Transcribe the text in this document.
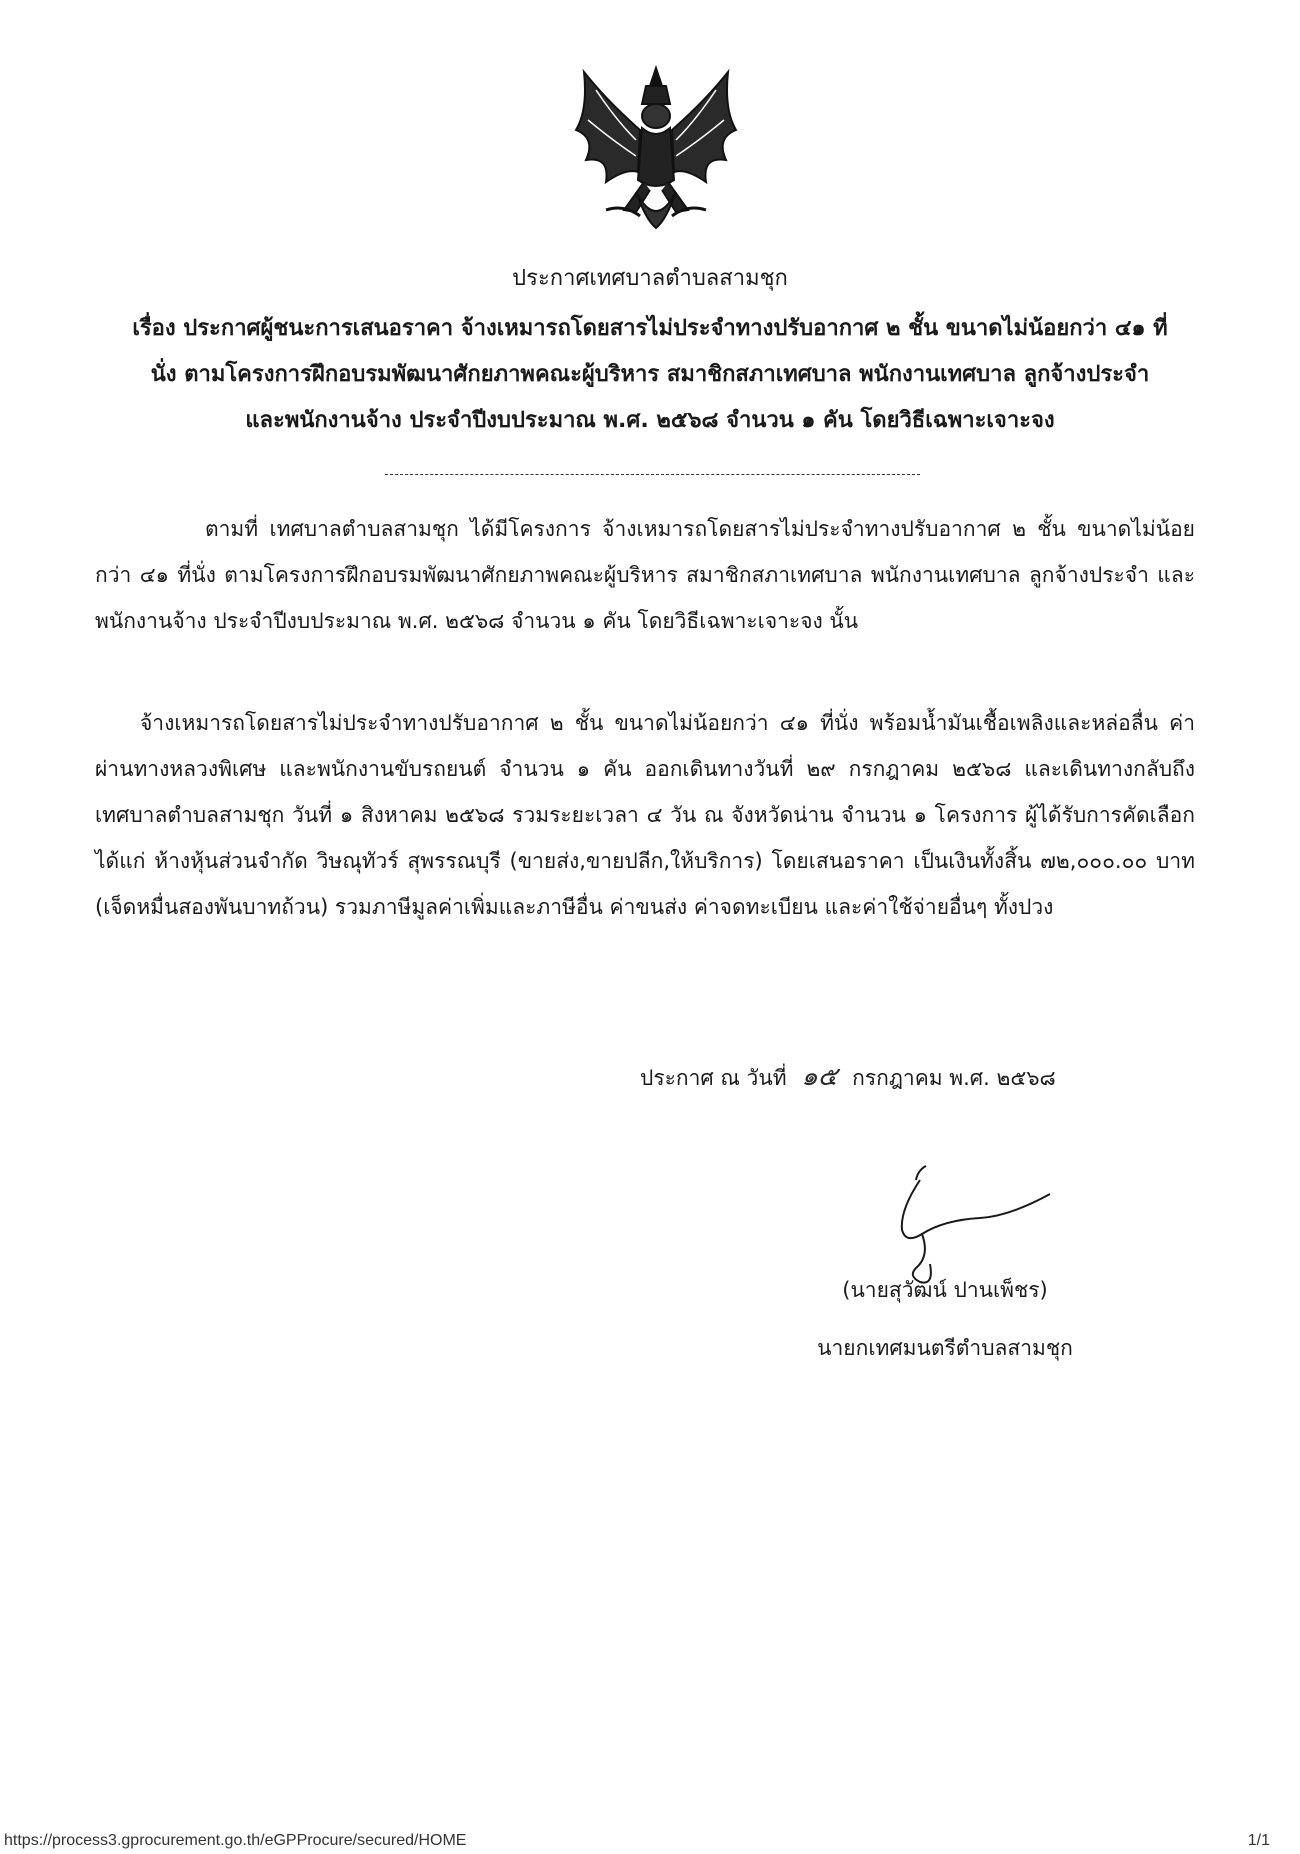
ประกาศเทศบาลตำบลสามชุก
เรื่อง ประกาศผู้ชนะการเสนอราคา จ้างเหมารถโดยสารไม่ประจำทางปรับอากาศ ๒ ชั้น ขนาดไม่น้อยกว่า ๔๑ ที่
นั่ง ตามโครงการฝึกอบรมพัฒนาศักยภาพคณะผู้บริหาร สมาชิกสภาเทศบาล พนักงานเทศบาล ลูกจ้างประจำ
และพนักงานจ้าง ประจำปีงบประมาณ พ.ศ. ๒๕๖๘ จำนวน ๑ คัน โดยวิธีเฉพาะเจาะจง
ตามที่ เทศบาลตำบลสามชุก ได้มีโครงการ จ้างเหมารถโดยสารไม่ประจำทางปรับอากาศ ๒ ชั้น ขนาดไม่น้อยกว่า ๔๑ ที่นั่ง ตามโครงการฝึกอบรมพัฒนาศักยภาพคณะผู้บริหาร สมาชิกสภาเทศบาล พนักงานเทศบาล ลูกจ้างประจำ และพนักงานจ้าง ประจำปีงบประมาณ พ.ศ. ๒๕๖๘ จำนวน ๑ คัน โดยวิธีเฉพาะเจาะจง นั้น
จ้างเหมารถโดยสารไม่ประจำทางปรับอากาศ ๒ ชั้น ขนาดไม่น้อยกว่า ๔๑ ที่นั่ง พร้อมน้ำมันเชื้อเพลิงและหล่อลื่น ค่าผ่านทางหลวงพิเศษ และพนักงานขับรถยนต์ จำนวน ๑ คัน ออกเดินทางวันที่ ๒๙ กรกฎาคม ๒๕๖๘ และเดินทางกลับถึงเทศบาลตำบลสามชุก วันที่ ๑ สิงหาคม ๒๕๖๘ รวมระยะเวลา ๔ วัน ณ จังหวัดน่าน จำนวน ๑ โครงการ ผู้ได้รับการคัดเลือก ได้แก่ ห้างหุ้นส่วนจำกัด วิษณุทัวร์ สุพรรณบุรี (ขายส่ง,ขายปลีก,ให้บริการ) โดยเสนอราคา เป็นเงินทั้งสิ้น ๗๒,๐๐๐.๐๐ บาท (เจ็ดหมื่นสองพันบาทถ้วน) รวมภาษีมูลค่าเพิ่มและภาษีอื่น ค่าขนส่ง ค่าจดทะเบียน และค่าใช้จ่ายอื่นๆ ทั้งปวง
ประกาศ ณ วันที่ ๑๕ กรกฎาคม พ.ศ. ๒๕๖๘
(นายสุวัฒน์ ปานเพ็ชร)
นายกเทศมนตรีตำบลสามชุก
https://process3.gprocurement.go.th/eGPProcure/secured/HOME	1/1
